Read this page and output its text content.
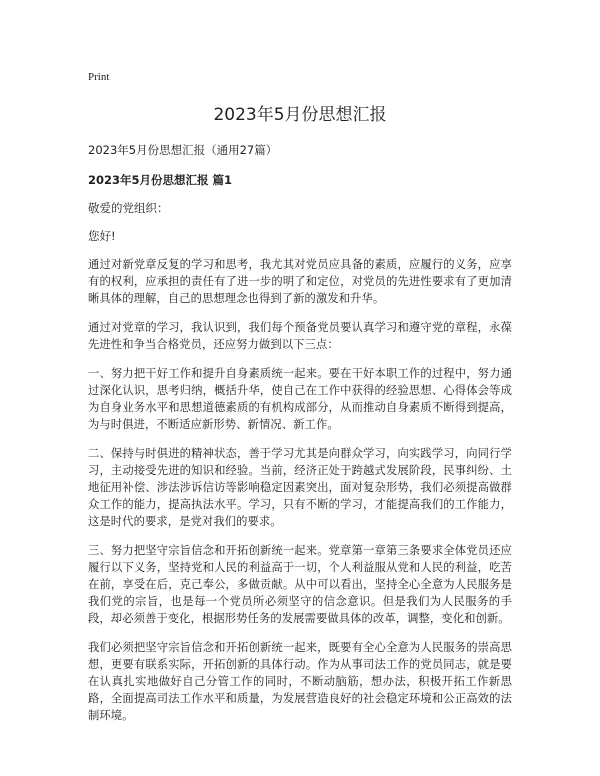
Print
2023年5月份思想汇报
2023年5月份思想汇报（通用27篇）
2023年5月份思想汇报 篇1
敬爱的党组织：
您好!

通过对新党章反复的学习和思考，我尤其对党员应具备的素质，应履行的义务，应享有的权利，应承担的责任有了进一步的明了和定位，对党员的先进性要求有了更加清晰具体的理解，自己的思想理念也得到了新的激发和升华。

通过对党章的学习，我认识到，我们每个预备党员要认真学习和遵守党的章程，永葆先进性和争当合格党员，还应努力做到以下三点：

一、努力把干好工作和提升自身素质统一起来。要在干好本职工作的过程中，努力通过深化认识，思考归纳，概括升华，使自己在工作中获得的经验思想、心得体会等成为自身业务水平和思想道德素质的有机构成部分，从而推动自身素质不断得到提高，为与时俱进，不断适应新形势、新情况、新工作。

二、保持与时俱进的精神状态，善于学习尤其是向群众学习，向实践学习，向同行学习，主动接受先进的知识和经验。当前，经济正处于跨越式发展阶段，民事纠纷、土地征用补偿、涉法涉诉信访等影响稳定因素突出，面对复杂形势，我们必须提高做群众工作的能力，提高执法水平。学习，只有不断的学习，才能提高我们的工作能力，这是时代的要求，是党对我们的要求。

三、努力把坚守宗旨信念和开拓创新统一起来。党章第一章第三条要求全体党员还应履行以下义务，坚持党和人民的利益高于一切，个人利益服从党和人民的利益，吃苦在前，享受在后，克己奉公，多做贡献。从中可以看出，坚持全心全意为人民服务是我们党的宗旨，也是每一个党员所必须坚守的信念意识。但是我们为人民服务的手段，却必须善于变化，根据形势任务的发展需要做具体的改革，调整，变化和创新。

我们必须把坚守宗旨信念和开拓创新统一起来，既要有全心全意为人民服务的崇高思想，更要有联系实际，开拓创新的具体行动。作为从事司法工作的党员同志，就是要在认真扎实地做好自己分管工作的同时，不断动脑筋，想办法，积极开拓工作新思路，全面提高司法工作水平和质量，为发展营造良好的社会稳定环境和公正高效的法制环境。
